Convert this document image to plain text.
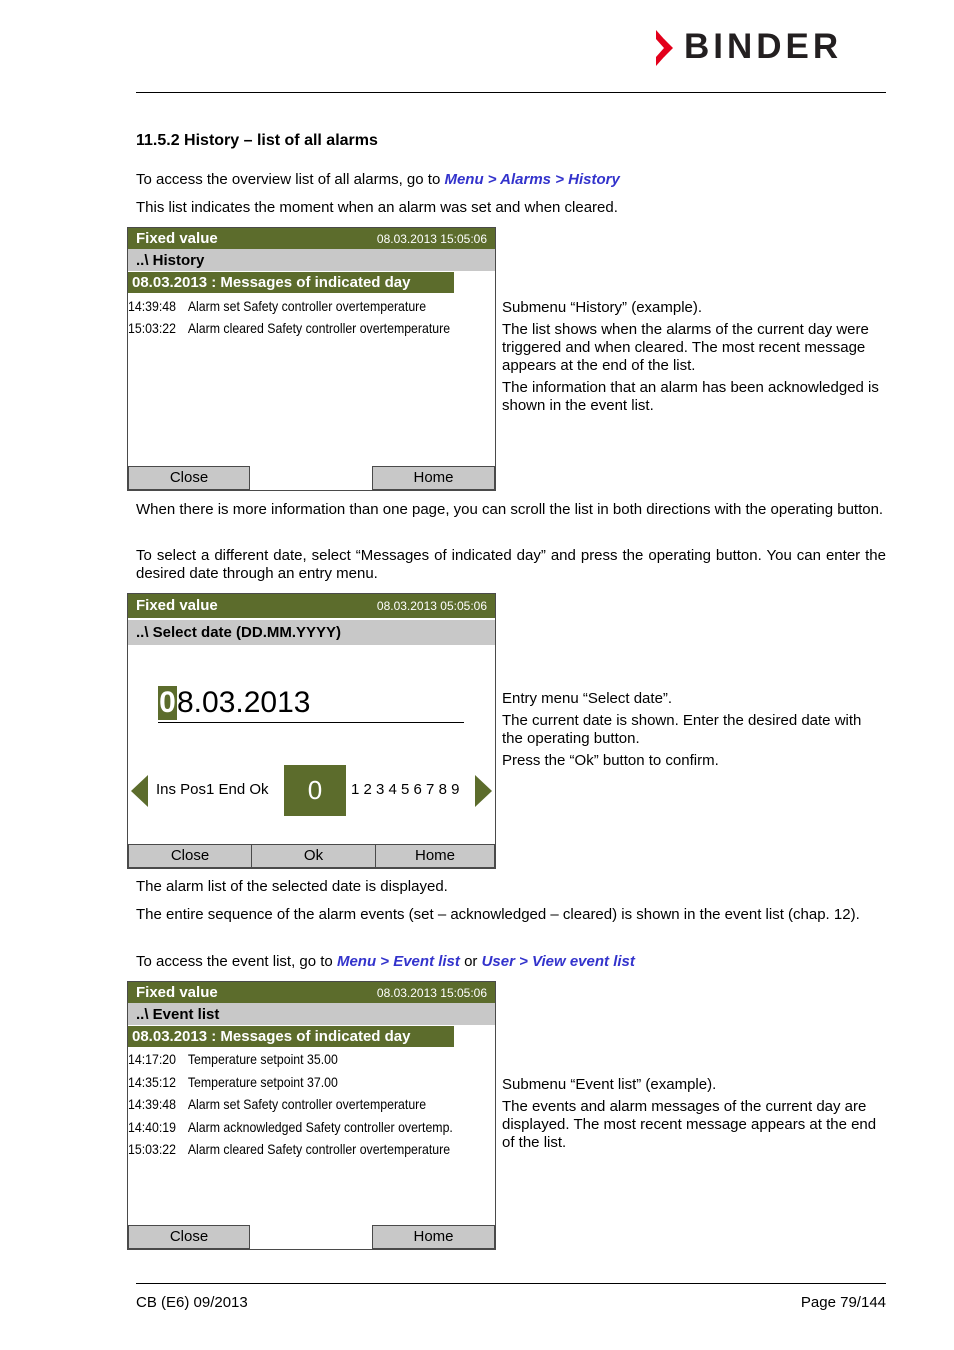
BINDER
11.5.2 History – list of all alarms
To access the overview list of all alarms, go to Menu > Alarms > History
This list indicates the moment when an alarm was set and when cleared.
Fixed value	08.03.2013 15:05:06
..\ History
08.03.2013 : Messages of indicated day
14:39:48 Alarm set Safety controller overtemperature
15:03:22 Alarm cleared Safety controller overtemperature
Close	Home

Submenu “History” (example).

The list shows when the alarms of the current day were triggered and when cleared. The most recent message appears at the end of the list.

The information that an alarm has been acknowledged is shown in the event list.

When there is more information than one page, you can scroll the list in both directions with the operating button.
To select a different date, select “Messages of indicated day” and press the operating button. You can enter the desired date through an entry menu.
Fixed value	08.03.2013 05:05:06
..\ Select date (DD.MM.YYYY)
08.03.2013
Ins Pos1 End Ok	0	1 2 3 4 5 6 7 8 9
Close	Ok	Home

Entry menu “Select date”.

The current date is shown. Enter the desired date with the operating button.

Press the “Ok” button to confirm.

The alarm list of the selected date is displayed.
The entire sequence of the alarm events (set – acknowledged – cleared) is shown in the event list (chap. 12).
To access the event list, go to Menu > Event list or User > View event list
Fixed value	08.03.2013 15:05:06
..\ Event list
08.03.2013 : Messages of indicated day
14:17:20 Temperature setpoint 35.00
14:35:12 Temperature setpoint 37.00
14:39:48 Alarm set Safety controller overtemperature
14:40:19 Alarm acknowledged Safety controller overtemp.
15:03:22 Alarm cleared Safety controller overtemperature
Close	Home

Submenu “Event list” (example).

The events and alarm messages of the current day are displayed. The most recent message appears at the end of the list.

CB (E6) 09/2013	Page 79/144
